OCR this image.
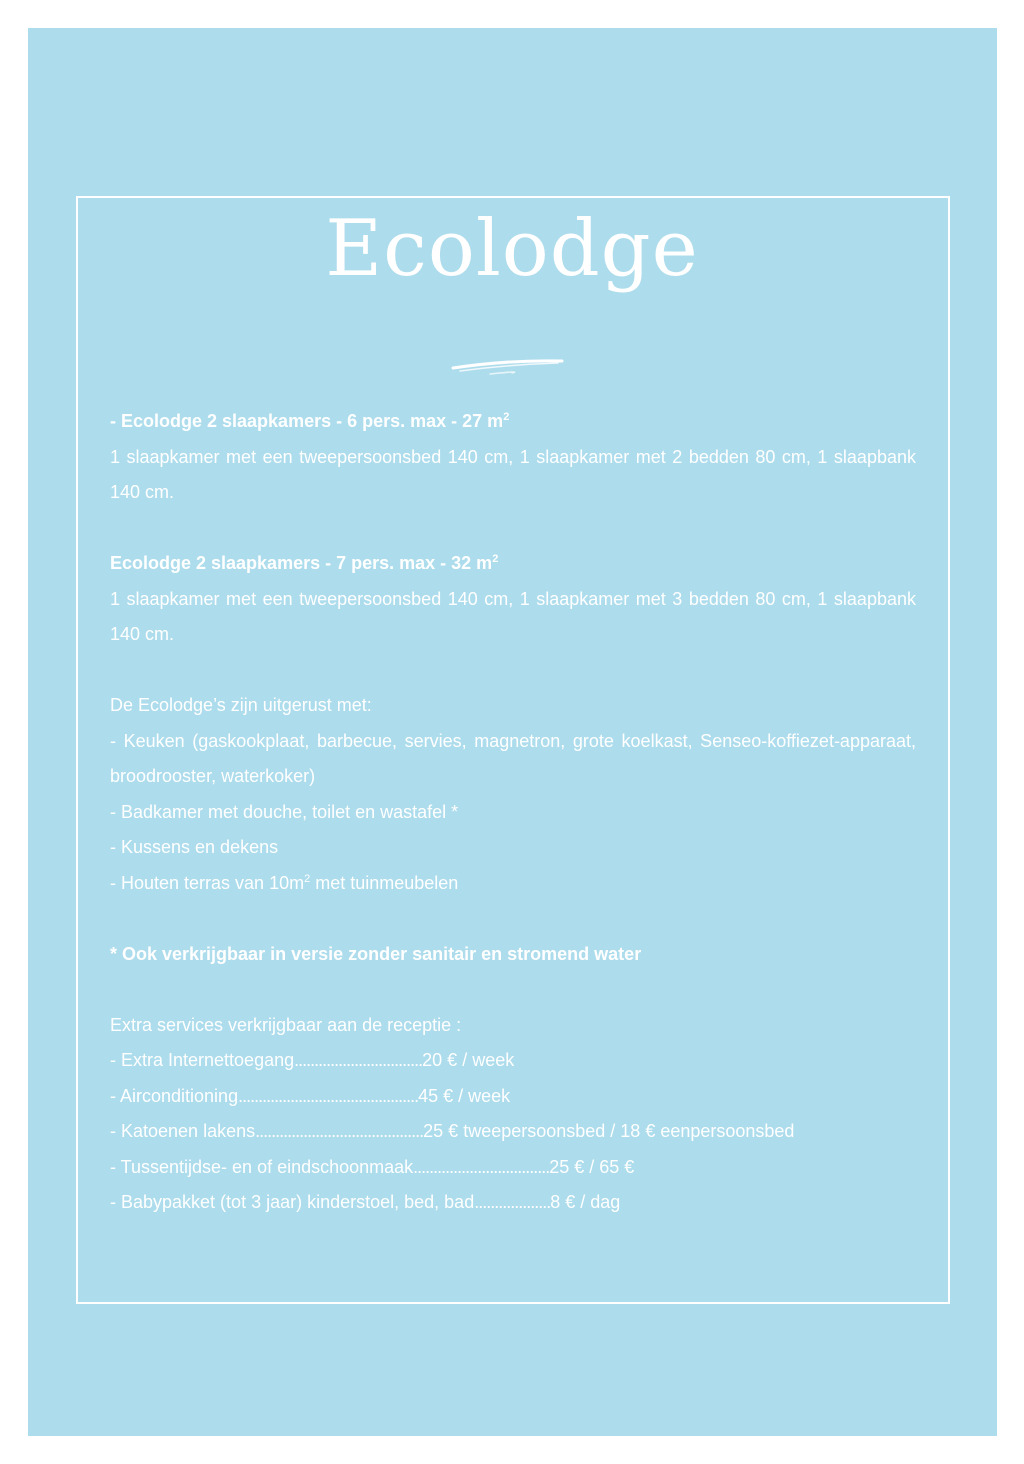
Ecolodge

- Ecolodge 2 slaapkamers - 6 pers. max - 27 $m^2$

1 slaapkamer met een tweepersoonsbed 140 cm, 1 slaapkamer met 2 bedden 80 cm, 1 slaapbank 140 cm.

Ecolodge 2 slaapkamers - 7 pers. max - 32 $m^2$

1 slaapkamer met een tweepersoonsbed 140 cm, 1 slaapkamer met 3 bedden 80 cm, 1 slaapbank 140 cm.

De Ecolodge’s zijn uitgerust met:

- Keuken (gaskookplaat, barbecue, servies, magnetron, grote koelkast, Senseo-koffiezet-apparaat, broodrooster, waterkoker)

- Badkamer met douche, toilet en wastafel *

- Kussens en dekens

- Houten terras van $10m^2$ met tuinmeubelen

* Ook verkrijgbaar in versie zonder sanitair en stromend water

Extra services verkrijgbaar aan de receptie :

- Extra Internettoegang................................20 € / week

- Airconditioning.............................................45 € / week

- Katoenen lakens..........................................25 € tweepersoonsbed / 18 € eenpersoonsbed

- Tussentijdse- en of eindschoonmaak..................................25 € / 65 €

- Babypakket (tot 3 jaar) kinderstoel, bed, bad...................8 € / dag
